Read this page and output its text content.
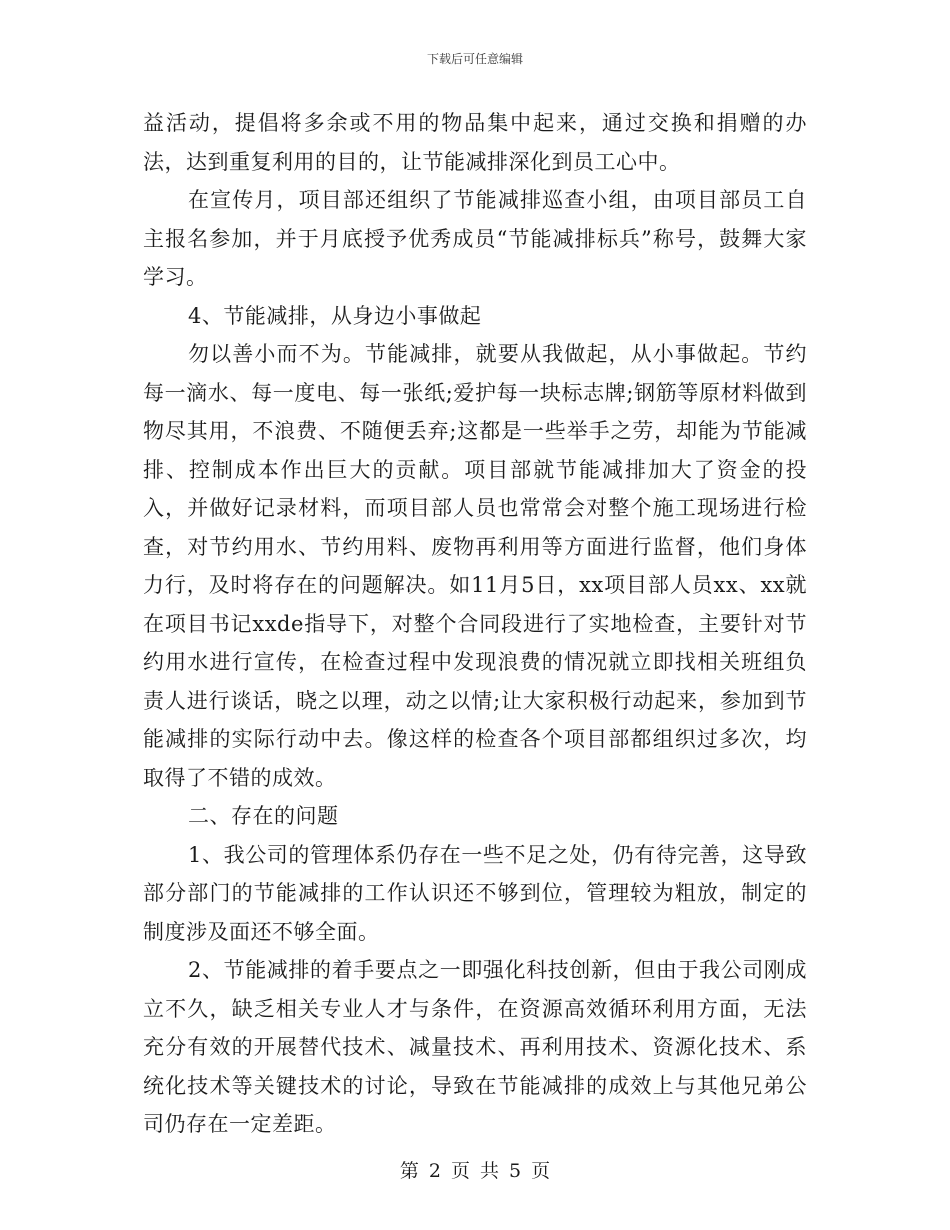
下载后可任意编辑

益活动，提倡将多余或不用的物品集中起来，通过交换和捐赠的办法，达到重复利用的目的，让节能减排深化到员工心中。

在宣传月，项目部还组织了节能减排巡查小组，由项目部员工自主报名参加，并于月底授予优秀成员“节能减排标兵”称号，鼓舞大家学习。

4、节能减排，从身边小事做起

勿以善小而不为。节能减排，就要从我做起，从小事做起。节约每一滴水、每一度电、每一张纸;爱护每一块标志牌;钢筋等原材料做到物尽其用，不浪费、不随便丢弃;这都是一些举手之劳，却能为节能减排、控制成本作出巨大的贡献。项目部就节能减排加大了资金的投入，并做好记录材料，而项目部人员也常常会对整个施工现场进行检查，对节约用水、节约用料、废物再利用等方面进行监督，他们身体力行，及时将存在的问题解决。如11月5日，xx项目部人员xx、xx就在项目书记xxde指导下，对整个合同段进行了实地检查，主要针对节约用水进行宣传，在检查过程中发现浪费的情况就立即找相关班组负责人进行谈话，晓之以理，动之以情;让大家积极行动起来，参加到节能减排的实际行动中去。像这样的检查各个项目部都组织过多次，均取得了不错的成效。

二、存在的问题

1、我公司的管理体系仍存在一些不足之处，仍有待完善，这导致部分部门的节能减排的工作认识还不够到位，管理较为粗放，制定的制度涉及面还不够全面。

2、节能减排的着手要点之一即强化科技创新，但由于我公司刚成立不久，缺乏相关专业人才与条件，在资源高效循环利用方面，无法充分有效的开展替代技术、减量技术、再利用技术、资源化技术、系统化技术等关键技术的讨论，导致在节能减排的成效上与其他兄弟公司仍存在一定差距。

第 2 页 共 5 页
